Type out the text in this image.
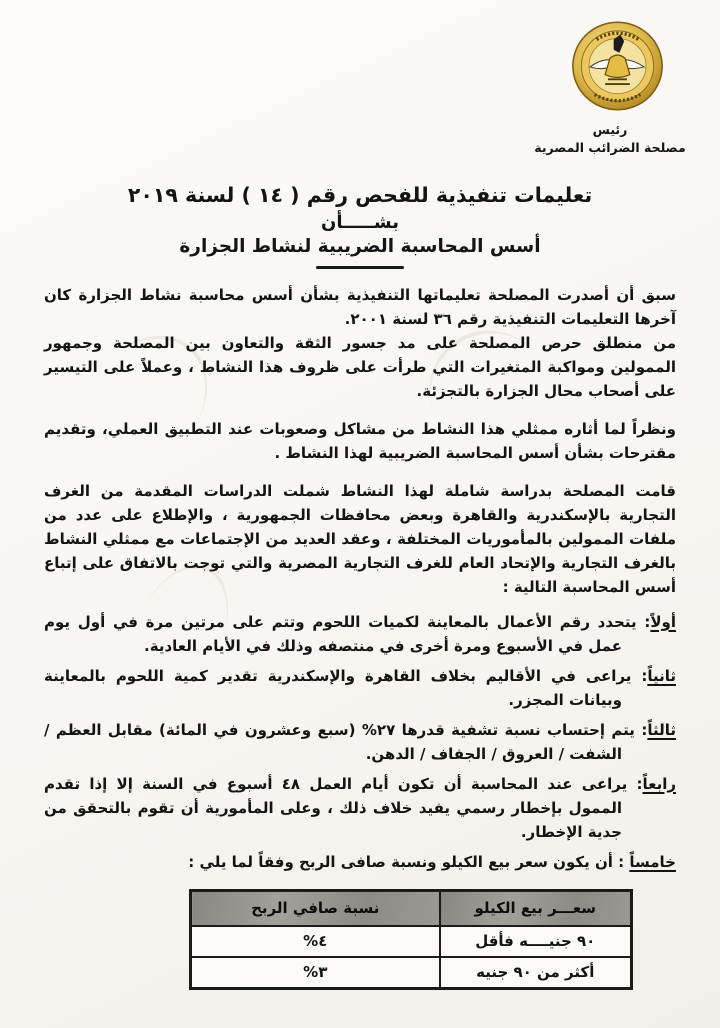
رئيس
مصلحة الضرائب المصرية
تعليمات تنفيذية للفحص رقم ( ١٤ ) لسنة ٢٠١٩
بشـــــأن
أسس المحاسبة الضريبية لنشاط الجزارة

سبق أن أصدرت المصلحة تعليماتها التنفيذية بشأن أسس محاسبة نشاط الجزارة كان آخرها التعليمات التنفيذية رقم ٣٦ لسنة ٢٠٠١.

من منطلق حرص المصلحة على مد جسور الثقة والتعاون بين المصلحة وجمهور الممولين ومواكبة المتغيرات التي طرأت على ظروف هذا النشاط ، وعملاً على التيسير على أصحاب محال الجزارة بالتجزئة.

ونظراً لما أثاره ممثلي هذا النشاط من مشاكل وصعوبات عند التطبيق العملي، وتقديم مقترحات بشأن أسس المحاسبة الضريبية لهذا النشاط .

قامت المصلحة بدراسة شاملة لهذا النشاط شملت الدراسات المقدمة من الغرف التجارية بالإسكندرية والقاهرة وبعض محافظات الجمهورية ، والإطلاع على عدد من ملفات الممولين بالمأموريات المختلفة ، وعقد العديد من الإجتماعات مع ممثلي النشاط بالغرف التجارية والإتحاد العام للغرف التجارية المصرية والتي توجت بالاتفاق على إتباع أسس المحاسبة التالية :

أولاً: يتحدد رقم الأعمال بالمعاينة لكميات اللحوم وتتم على مرتين مرة في أول يوم عمل في الأسبوع ومرة أخرى في منتصفه وذلك في الأيام العادية.
ثانياً: يراعى في الأقاليم بخلاف القاهرة والإسكندرية تقدير كمية اللحوم بالمعاينة وبيانات المجزر.
ثالثاً: يتم إحتساب نسبة تشفية قدرها ٢٧% (سبع وعشرون في المائة) مقابل العظم / الشفت / العروق / الجفاف / الدهن.
رابعاً: يراعى عند المحاسبة أن تكون أيام العمل ٤٨ أسبوع في السنة إلا إذا تقدم الممول بإخطار رسمي يفيد خلاف ذلك ، وعلى المأمورية أن تقوم بالتحقق من جدية الإخطار.
خامساً : أن يكون سعر بيع الكيلو ونسبة صافى الربح وفقاً لما يلي :
سعـــر بيع الكيلو	نسبة صافي الربح
٩٠ جنيــــه فأقل	٤%
أكثر من ٩٠ جنيه	٣%
